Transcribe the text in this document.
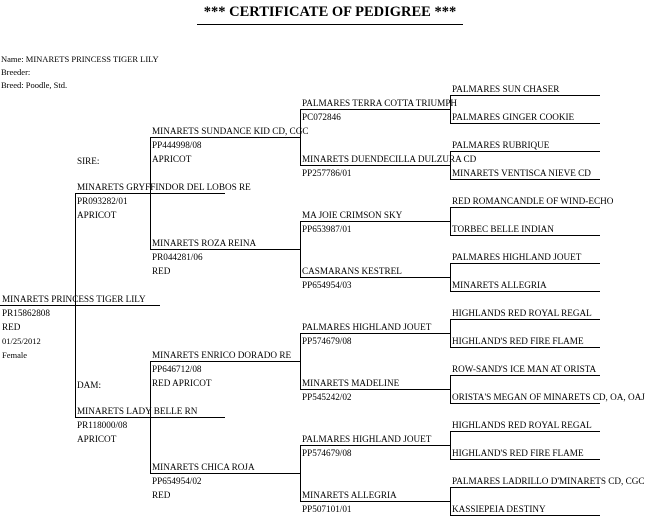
*** CERTIFICATE OF PEDIGREE ***
Name: MINARETS PRINCESS TIGER LILY
Breeder:
Breed: Poodle, Std.
SIRE:
DAM:
PALMARES SUN CHASER
PALMARES GINGER COOKIE
PALMARES RUBRIQUE
MINARETS VENTISCA NIEVE CD
RED ROMANCANDLE OF WIND-ECHO
TORBEC BELLE INDIAN
PALMARES HIGHLAND JOUET
MINARETS ALLEGRIA
HIGHLANDS RED ROYAL REGAL
HIGHLAND'S RED FIRE FLAME
ROW-SAND'S ICE MAN AT ORISTA
ORISTA'S MEGAN OF MINARETS CD, OA, OAJ
HIGHLANDS RED ROYAL REGAL
HIGHLAND'S RED FIRE FLAME
PALMARES LADRILLO D'MINARETS CD, CGC
KASSIEPEIA DESTINY
PALMARES TERRA COTTA TRIUMPH
PC072846
MINARETS DUENDECILLA DULZURA CD
PP257786/01
MA JOIE CRIMSON SKY
PP653987/01
CASMARANS KESTREL
PP654954/03
PALMARES HIGHLAND JOUET
PP574679/08
MINARETS MADELINE
PP545242/02
PALMARES HIGHLAND JOUET
PP574679/08
MINARETS ALLEGRIA
PP507101/01
MINARETS SUNDANCE KID CD, CGC
PP444998/08
APRICOT
MINARETS ROZA REINA
PR044281/06
RED
MINARETS ENRICO DORADO RE
PP646712/08
RED APRICOT
MINARETS CHICA ROJA
PP654954/02
RED
MINARETS GRYFFINDOR DEL LOBOS RE
PR093282/01
APRICOT
MINARETS LADY BELLE RN
PR118000/08
APRICOT
MINARETS PRINCESS TIGER LILY
PR15862808
RED
01/25/2012
Female
